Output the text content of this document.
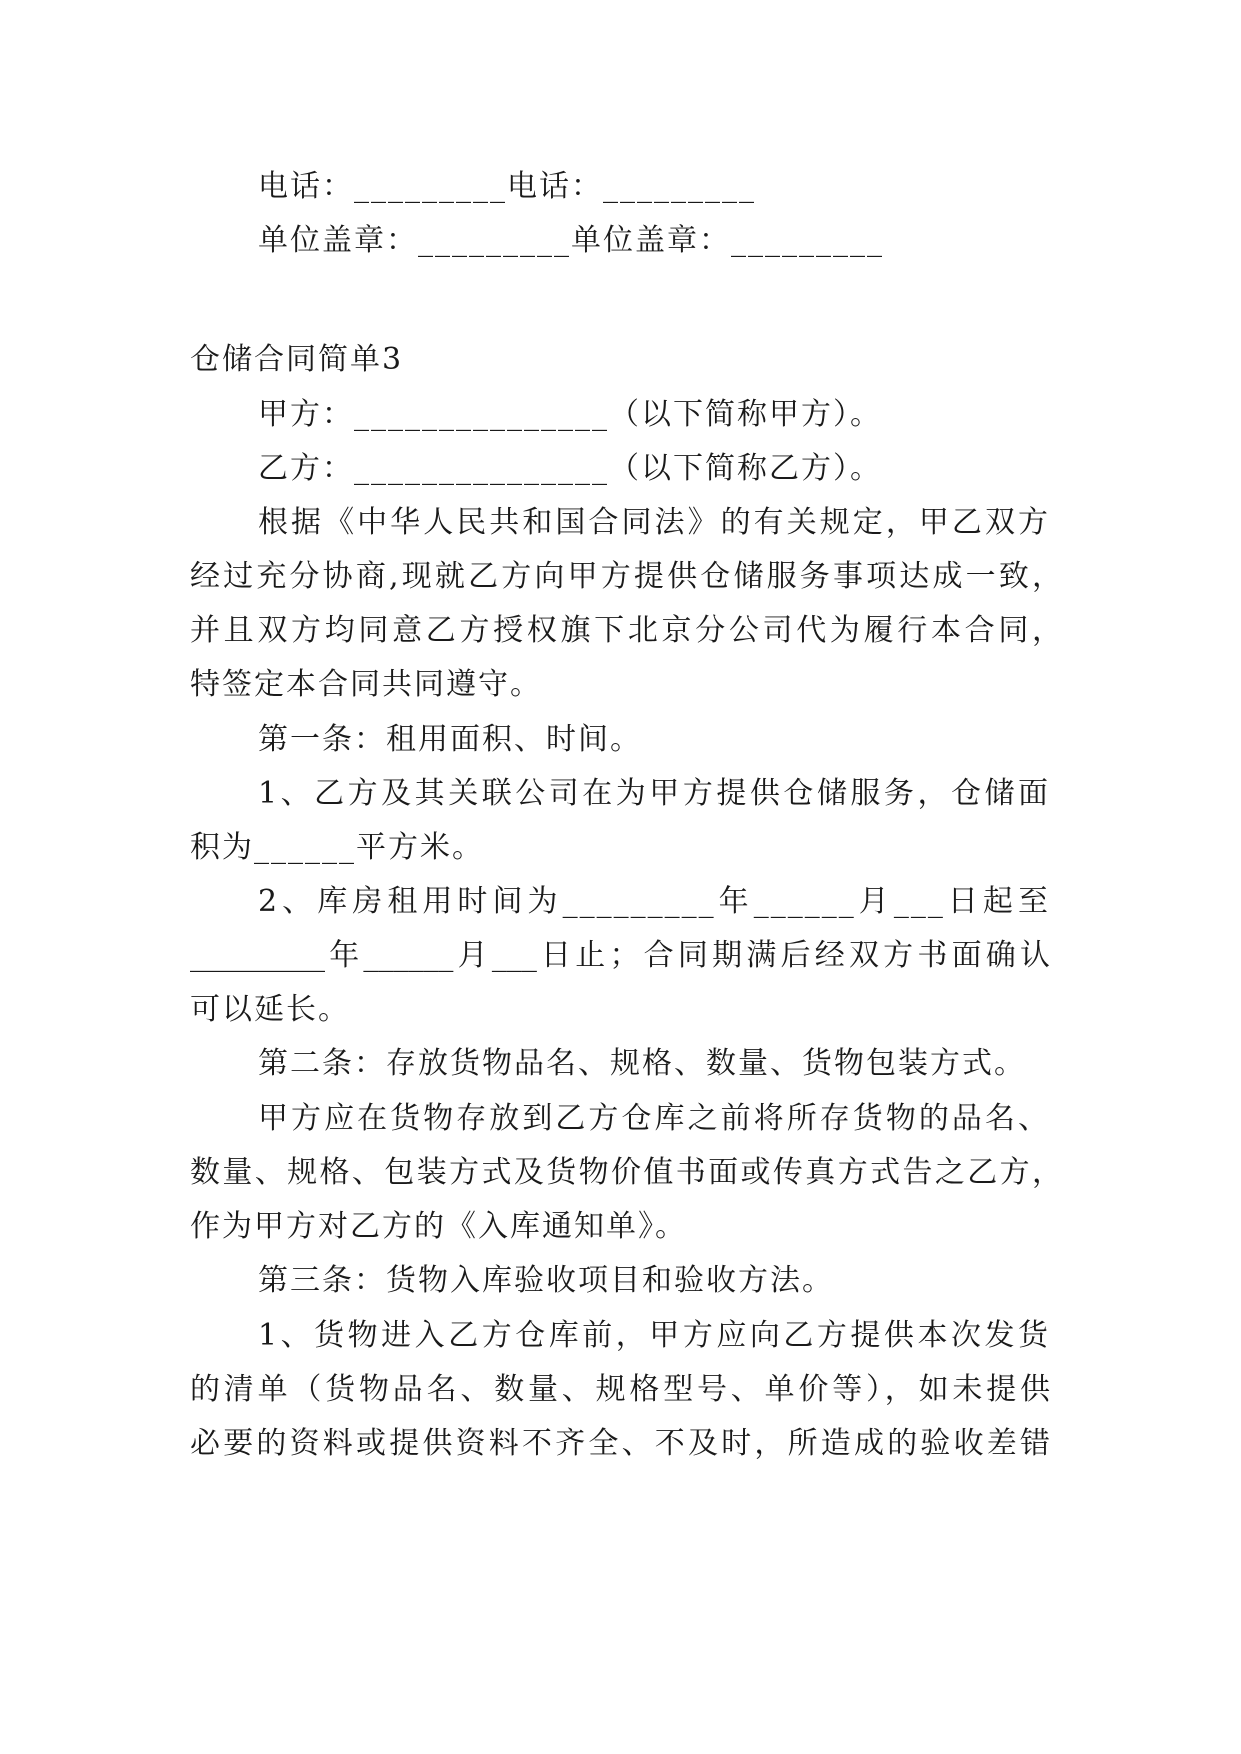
电话：_________电话：_________
单位盖章：_________单位盖章：_________
仓储合同简单3
甲方：_______________（以下简称甲方）。
乙方：_______________（以下简称乙方）。
根据《中华人民共和国合同法》的有关规定，甲乙双方
经过充分协商,现就乙方向甲方提供仓储服务事项达成一致，
并且双方均同意乙方授权旗下北京分公司代为履行本合同，
特签定本合同共同遵守。
第一条：租用面积、时间。
1、乙方及其关联公司在为甲方提供仓储服务，仓储面
积为______平方米。
2、库房租用时间为_________年______月___日起至
_________年______月___日止；合同期满后经双方书面确认
可以延长。
第二条：存放货物品名、规格、数量、货物包装方式。
甲方应在货物存放到乙方仓库之前将所存货物的品名、
数量、规格、包装方式及货物价值书面或传真方式告之乙方，
作为甲方对乙方的《入库通知单》。
第三条：货物入库验收项目和验收方法。
1、货物进入乙方仓库前，甲方应向乙方提供本次发货
的清单（货物品名、数量、规格型号、单价等），如未提供
必要的资料或提供资料不齐全、不及时，所造成的验收差错
